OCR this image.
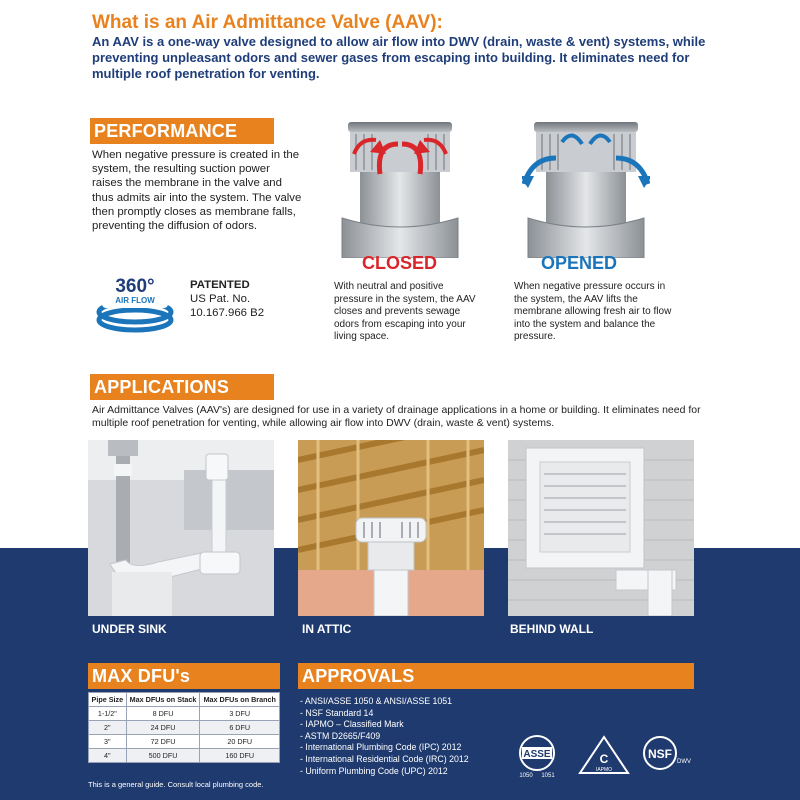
What is an Air Admittance Valve (AAV):
An AAV is a one-way valve designed to allow air flow into DWV (drain, waste & vent) systems, while preventing unpleasant odors and sewer gases from escaping into building. It eliminates need for multiple roof penetration for venting.
PERFORMANCE
When negative pressure is created in the system, the resulting suction power raises the membrane in the valve and thus admits air into the system. The valve then promptly closes as membrane falls, preventing the diffusion of odors.
360°
AIR FLOW
PATENTED
US Pat. No.
10.167.966 B2
CLOSED
With neutral and positive pressure in the system, the AAV closes and prevents sewage odors from escaping into your living space.
OPENED
When negative pressure occurs in the system, the AAV lifts the membrane allowing fresh air to flow into the system and balance the pressure.
APPLICATIONS
Air Admittance Valves (AAV's) are designed for use in a variety of drainage applications in a home or building. It eliminates need for multiple roof penetration for venting, while allowing air flow into DWV (drain, waste & vent) systems.
UNDER SINK	IN ATTIC	BEHIND WALL
MAX DFU's
Pipe Size	Max DFUs on Stack	Max DFUs on Branch
1-1/2"	8 DFU	3 DFU
2"	24 DFU	6 DFU
3"	72 DFU	20 DFU
4"	500 DFU	160 DFU
This is a general guide. Consult local plumbing code.
APPROVALS
- ANSI/ASSE 1050 & ANSI/ASSE 1051
- NSF Standard 14
- IAPMO – Classified Mark
- ASTM D2665/F409
- International Plumbing Code (IPC) 2012
- International Residential Code (IRC) 2012
- Uniform Plumbing Code (UPC) 2012
ASSE
1050 1051
C
IAPMO
NSF
DWV
